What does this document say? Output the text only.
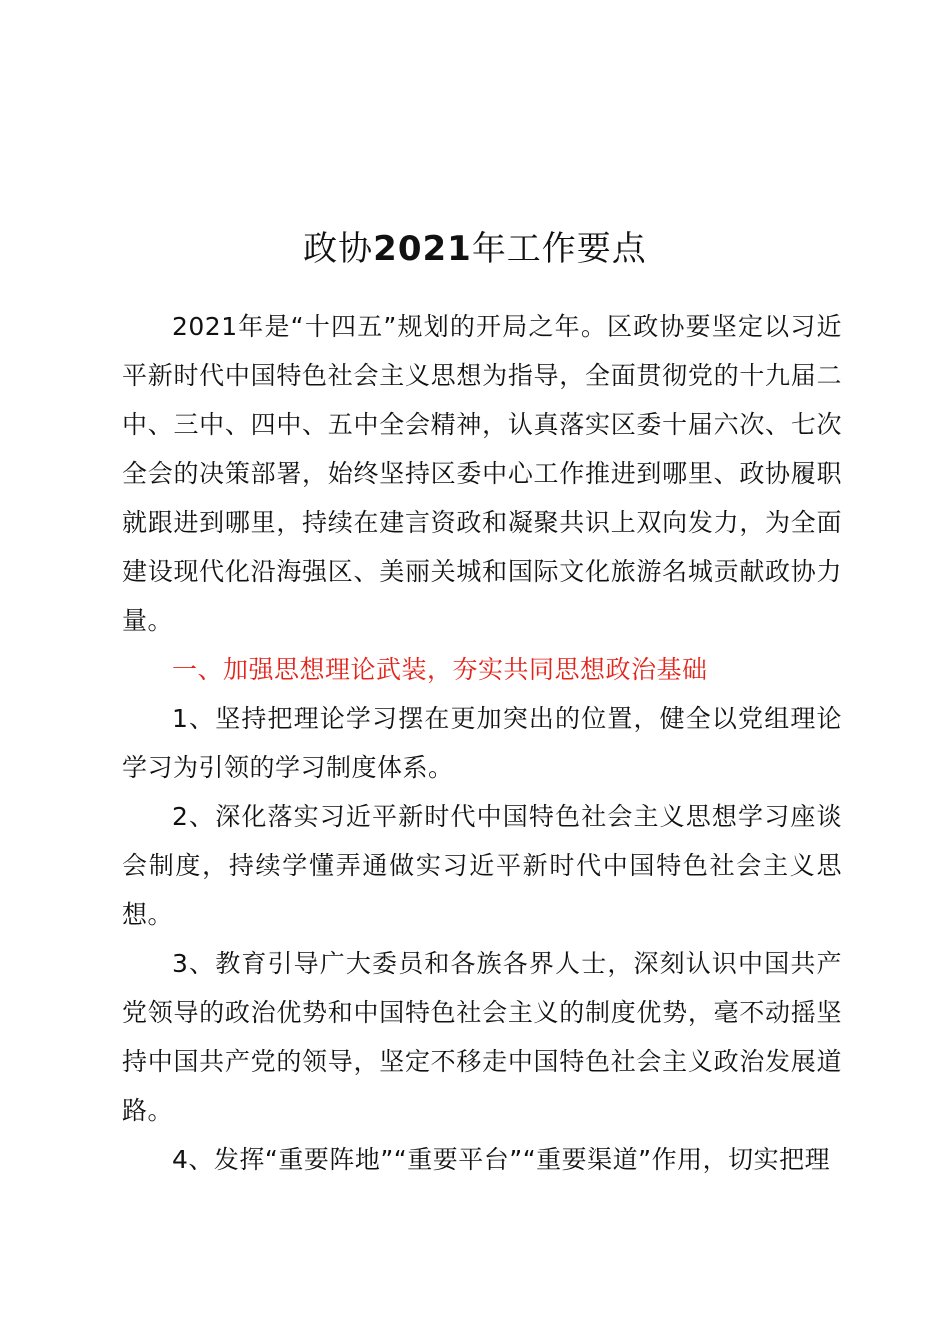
政协2021年工作要点

2021年是“十四五”规划的开局之年。区政协要坚定以习近平新时代中国特色社会主义思想为指导，全面贯彻党的十九届二中、三中、四中、五中全会精神，认真落实区委十届六次、七次全会的决策部署，始终坚持区委中心工作推进到哪里、政协履职就跟进到哪里，持续在建言资政和凝聚共识上双向发力，为全面建设现代化沿海强区、美丽关城和国际文化旅游名城贡献政协力量。

一、加强思想理论武装，夯实共同思想政治基础

1、坚持把理论学习摆在更加突出的位置，健全以党组理论学习为引领的学习制度体系。

2、深化落实习近平新时代中国特色社会主义思想学习座谈会制度，持续学懂弄通做实习近平新时代中国特色社会主义思想。

3、教育引导广大委员和各族各界人士，深刻认识中国共产党领导的政治优势和中国特色社会主义的制度优势，毫不动摇坚持中国共产党的领导，坚定不移走中国特色社会主义政治发展道路。

4、发挥“重要阵地”“重要平台”“重要渠道”作用，切实把理
